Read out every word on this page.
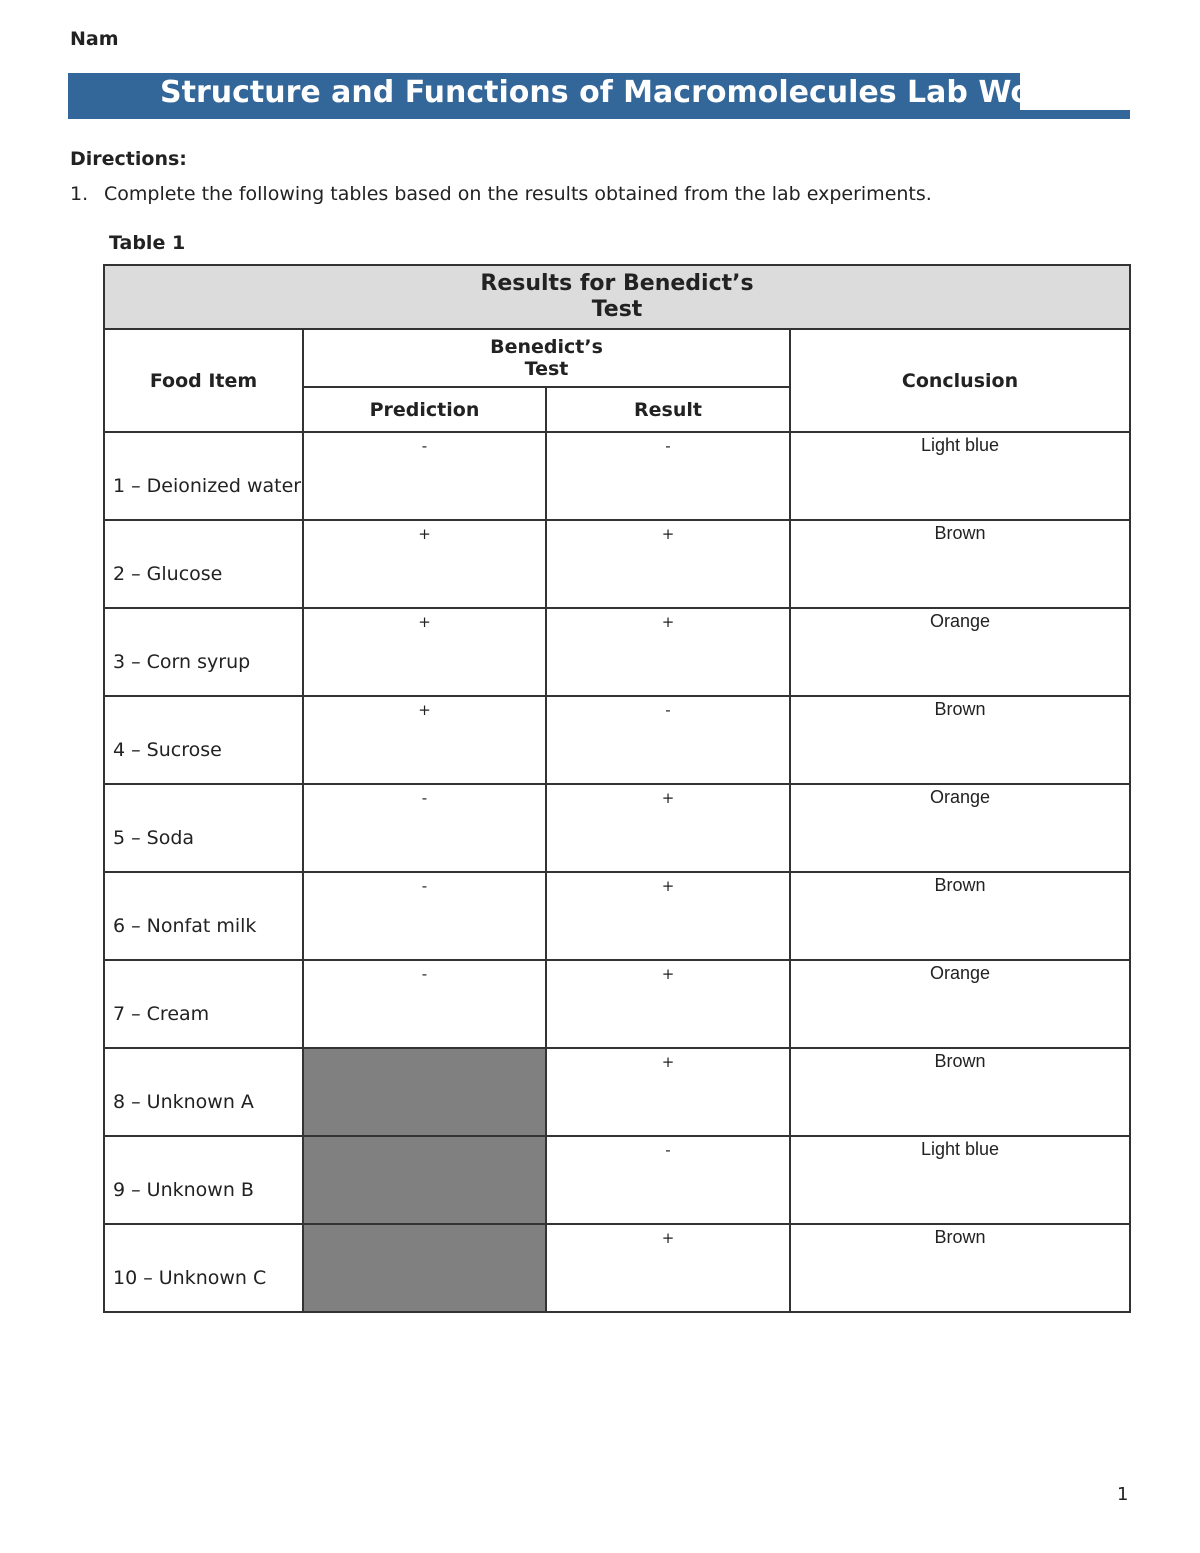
Nam
Structure and Functions of Macromolecules Lab Worksheet
Directions:
1. Complete the following tables based on the results obtained from the lab experiments.
Table 1
Results for Benedict’s Test			
Food Item	Benedict’s Test		Conclusion
	Prediction	Result	
1 – Deionized water	-	-	Light blue
2 – Glucose	+	+	Brown
3 – Corn syrup	+	+	Orange
4 – Sucrose	+	-	Brown
5 – Soda	-	+	Orange
6 – Nonfat milk	-	+	Brown
7 – Cream	-	+	Orange
8 – Unknown A		+	Brown
9 – Unknown B		-	Light blue
10 – Unknown C		+	Brown
1
